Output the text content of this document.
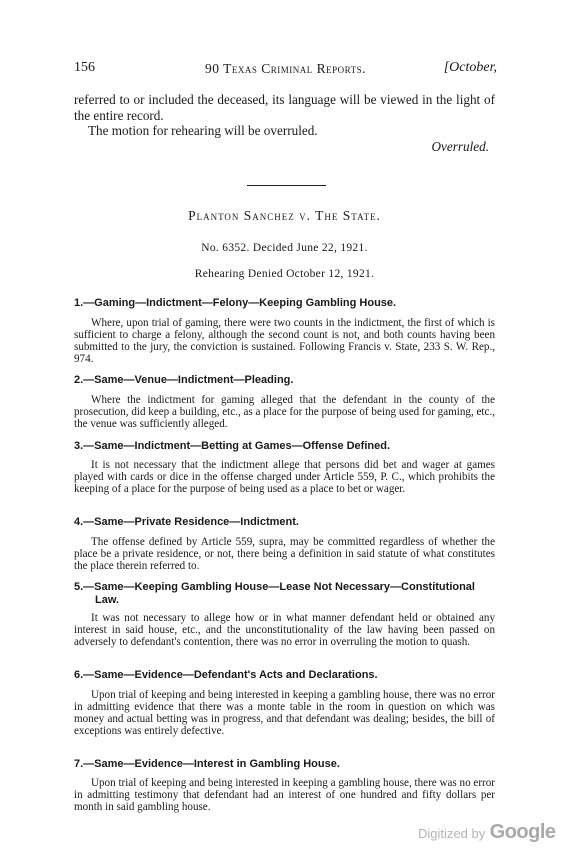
156	90 Texas Criminal Reports.	[October,
referred to or included the deceased, its language will be viewed in the light of the entire record.
The motion for rehearing will be overruled.
Overruled.
Planton Sanchez v. The State.
No. 6352. Decided June 22, 1921.
Rehearing Denied October 12, 1921.
1.—Gaming—Indictment—Felony—Keeping Gambling House.
Where, upon trial of gaming, there were two counts in the indictment, the first of which is sufficient to charge a felony, although the second count is not, and both counts having been submitted to the jury, the conviction is sustained. Following Francis v. State, 233 S. W. Rep., 974.
2.—Same—Venue—Indictment—Pleading.
Where the indictment for gaming alleged that the defendant in the county of the prosecution, did keep a building, etc., as a place for the purpose of being used for gaming, etc., the venue was sufficiently alleged.
3.—Same—Indictment—Betting at Games—Offense Defined.
It is not necessary that the indictment allege that persons did bet and wager at games played with cards or dice in the offense charged under Article 559, P. C., which prohibits the keeping of a place for the purpose of being used as a place to bet or wager.
4.—Same—Private Residence—Indictment.
The offense defined by Article 559, supra, may be committed regardless of whether the place be a private residence, or not, there being a definition in said statute of what constitutes the place therein referred to.
5.—Same—Keeping Gambling House—Lease Not Necessary—Constitutional
Law.
It was not necessary to allege how or in what manner defendant held or obtained any interest in said house, etc., and the unconstitutionality of the law having been passed on adversely to defendant's contention, there was no error in overruling the motion to quash.
6.—Same—Evidence—Defendant's Acts and Declarations.
Upon trial of keeping and being interested in keeping a gambling house, there was no error in admitting evidence that there was a monte table in the room in question on which was money and actual betting was in progress, and that defendant was dealing; besides, the bill of exceptions was entirely defective.
7.—Same—Evidence—Interest in Gambling House.
Upon trial of keeping and being interested in keeping a gambling house, there was no error in admitting testimony that defendant had an interest of one hundred and fifty dollars per month in said gambling house.
Digitized by Google
